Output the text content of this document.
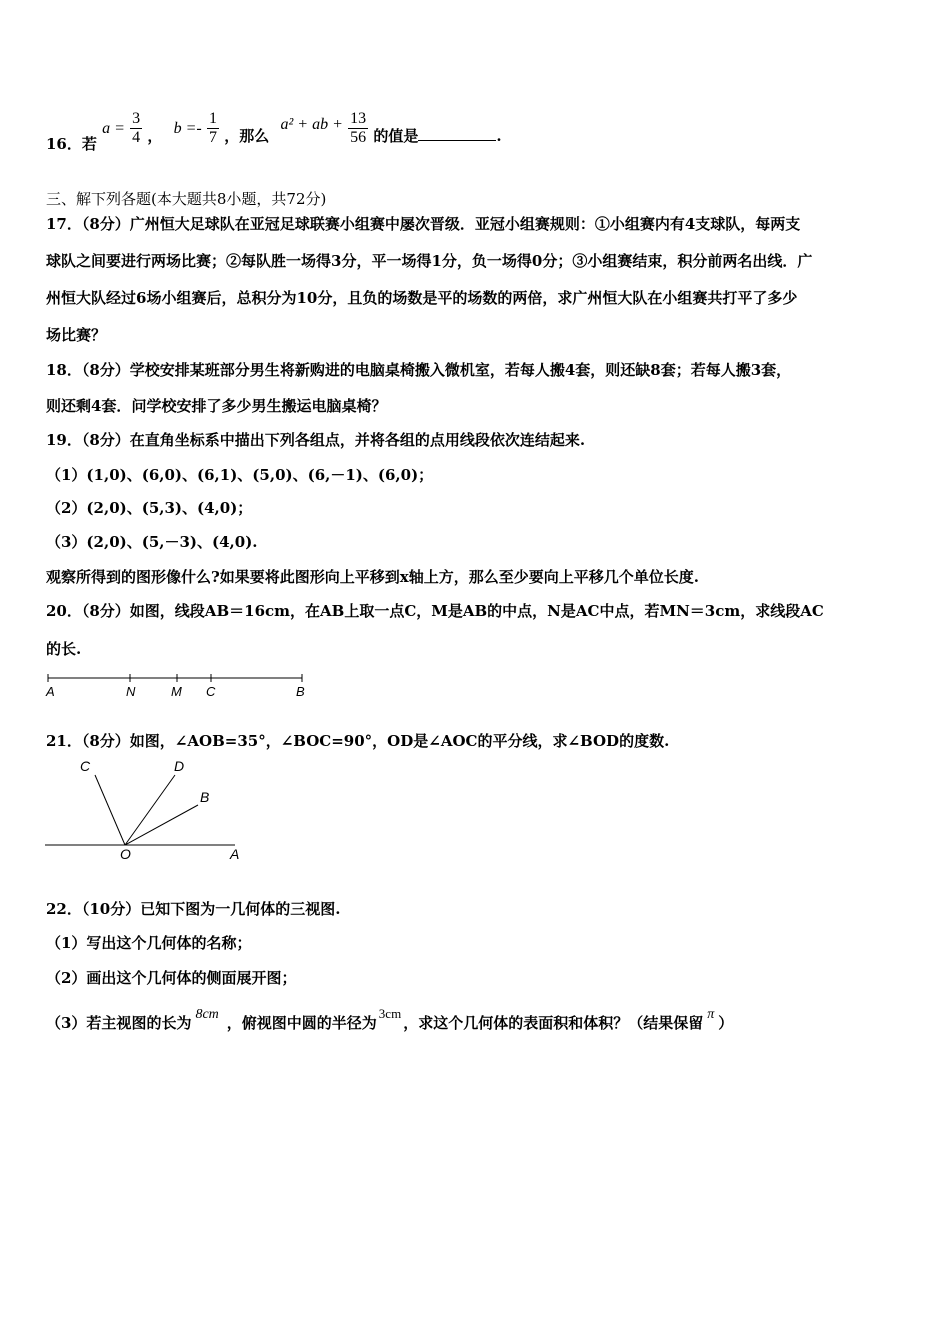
16．若 $a = \frac{3}{4}$ ， $b =- \frac{1}{7}$ ，那么 a² + ab + $\frac{13}{56}$ 的值是	.
三、解下列各题(本大题共8小题，共72分)
17．（8分）广州恒大足球队在亚冠足球联赛小组赛中屡次晋级．亚冠小组赛规则：①小组赛内有4支球队，每两支
球队之间要进行两场比赛；②每队胜一场得3分，平一场得1分，负一场得0分；③小组赛结束，积分前两名出线．广
州恒大队经过6场小组赛后，总积分为10分，且负的场数是平的场数的两倍，求广州恒大队在小组赛共打平了多少
场比赛？
18．（8分）学校安排某班部分男生将新购进的电脑桌椅搬入微机室，若每人搬4套，则还缺8套；若每人搬3套，
则还剩4套．问学校安排了多少男生搬运电脑桌椅？
19．（8分）在直角坐标系中描出下列各组点，并将各组的点用线段依次连结起来.
（1）(1,0)、(6,0)、(6,1)、(5,0)、(6,－1)、(6,0)；
（2）(2,0)、(5,3)、(4,0)；
（3）(2,0)、(5,－3)、(4,0).
观察所得到的图形像什么?如果要将此图形向上平移到x轴上方，那么至少要向上平移几个单位长度.
20．（8分）如图，线段AB＝16cm，在AB上取一点C，M是AB的中点，N是AC中点，若MN＝3cm，求线段AC
的长.
A	N	M C	B
21．（8分）如图，∠AOB=35°，∠BOC=90°，OD是∠AOC的平分线，求∠BOD的度数.
C	D
B
O	A
22．（10分）已知下图为一几何体的三视图.
（1）写出这个几何体的名称；
（2）画出这个几何体的侧面展开图；
（3）若主视图的长为 8cm ，俯视图中圆的半径为3cm，求这个几何体的表面积和体积？（结果保留 π ）
